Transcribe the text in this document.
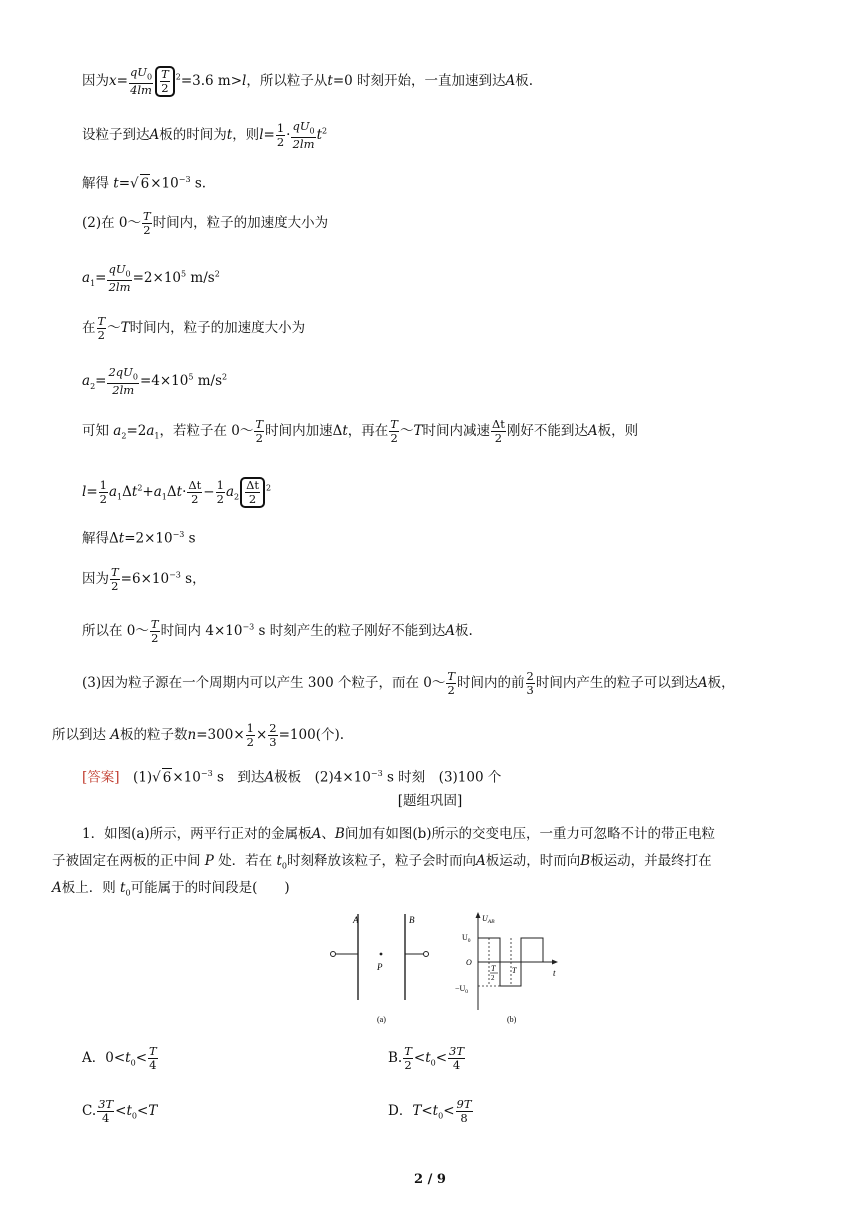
因为$x= \frac{qU_0}{4lm} \frac{T}{2} ^2=3.6$ m>l，所以粒子从t=0 时刻开始，一直加速到达A板.
设粒子到达A板的时间为t，则$l= \frac{1}{2} \cdot \frac{qU_0}{2lm} t^2$
解得 t=√ $6\times 10^{-3}$ s.
(2)在 0～ $\frac{T}{2}$ 时间内，粒子的加速度大小为
$a_1= \frac{qU_0}{2lm} =2\times 10^5$ $m/s^2$
在 $\frac{T}{2}$ ～T时间内，粒子的加速度大小为
$a_2= \frac{2qU_0}{2lm} =4\times 10^5$ $m/s^2$
可知 $a_2=2a_1$，若粒子在 0～ $\frac{T}{2}$ 时间内加速Δt，再在 $\frac{T}{2}$ ～T时间内减速 $\frac{\Delta t}{2}$ 刚好不能到达A板，则
$l= \frac{1}{2} a_1\Delta t^2+a_1\Delta t\cdot \frac{\Delta t}{2} - \frac{1}{2} a_2 \frac{\Delta t}{2} ^2$
解得$\Delta t=2\times 10^{-3}$ s
因为 $\frac{T}{2} =6\times 10^{-3}$ s，
所以在 0～ $\frac{T}{2}$ 时间内 $4\times 10^{-3}$ s 时刻产生的粒子刚好不能到达A板.
(3)因为粒子源在一个周期内可以产生 300 个粒子，而在 0～ $\frac{T}{2}$ 时间内的前 $\frac{2}{3}$ 时间内产生的粒子可以到达A板，
所以到达 A板的粒子数$n=300\times \frac{1}{2} \times \frac{2}{3} =100$(个).
[答案]　 (1)√ $6\times 10^{-3}$ s　到达A极板　$(2)4\times 10^{-3}$ s 时刻　(3)100 个
[题组巩固]
1．如图(a)所示，两平行正对的金属板A、B间加有如图(b)所示的交变电压，一重力可忽略不计的带正电粒
子被固定在两板的正中间 P 处．若在 $t_0$时刻释放该粒子，粒子会时而向A板运动，时而向B板运动，并最终打在
A板上．则 $t_0$可能属于的时间段是(　　)
A	B
P
(a)
$U_{AB}$
t
$U_0$
O
$-U_0$
T
2
T
(b)
A．$0<t_0< \frac{T}{4}$	B. $\frac{T}{2} <t_0< \frac{3T}{4}$
C. $\frac{3T}{4} <t_0<T$	D．$T<t_0< \frac{9T}{8}$
2 / 9
